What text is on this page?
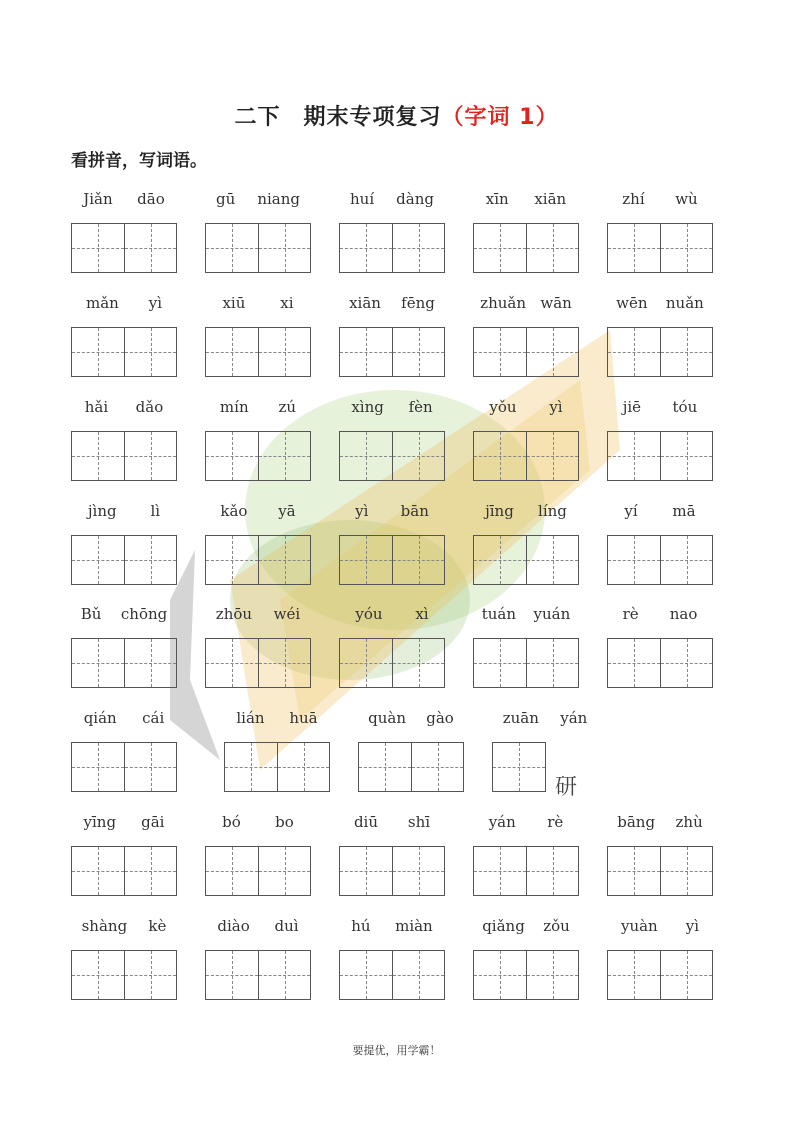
二下　期末专项复习（字词 1）
看拼音，写词语。
Jiǎn dāo	gū niang	huí dàng	xīn xiān	zhí wù
mǎn yì	xiū xi	xiān fēng	zhuǎn wān	wēn nuǎn
hǎi dǎo	mín zú	xìng fèn	yǒu yì	jiē tóu
jìng lì	kǎo yā	yì bān	jīng líng	yí mā
Bǔ chōng	zhōu wéi	yóu xì	tuán yuán	rè nao
qián cái	lián huā	quàn gào	zuān yán
yīng gāi	bó bo	diū shī	yán rè	bāng zhù
shàng kè	diào duì	hú miàn	qiǎng zǒu	yuàn yì
研
要提优，用学霸！
